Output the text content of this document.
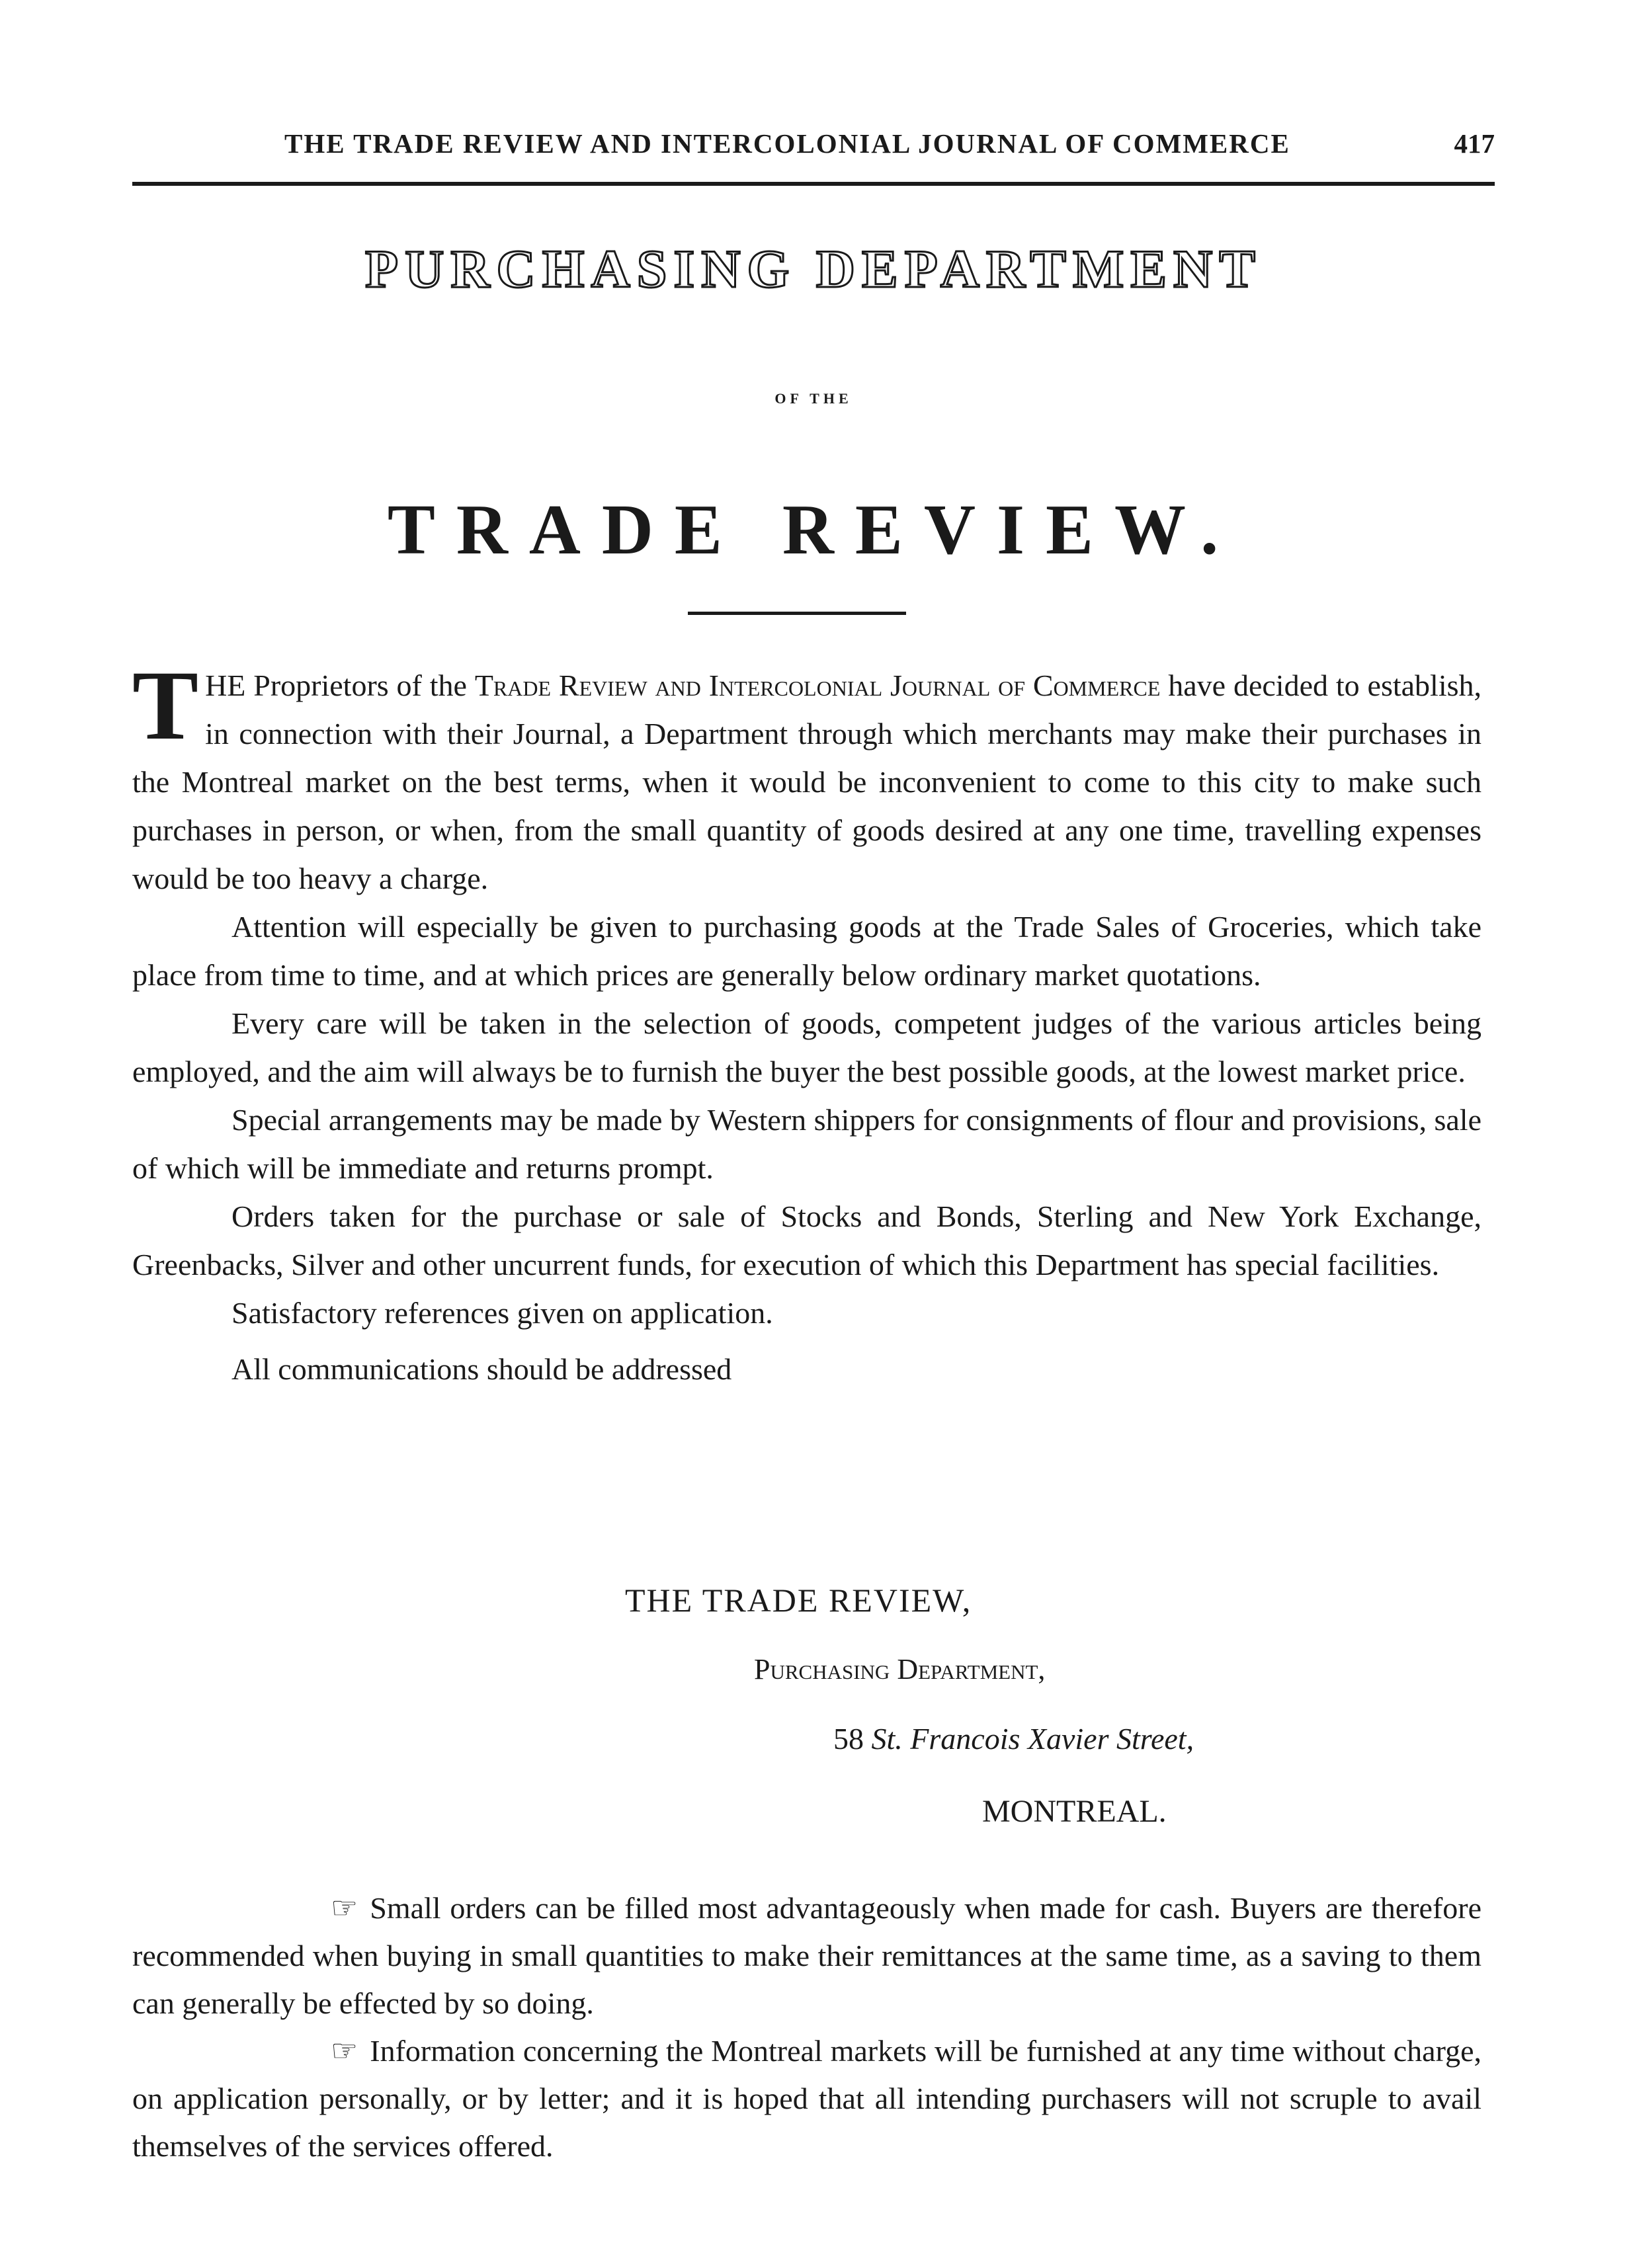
THE TRADE REVIEW AND INTERCOLONIAL JOURNAL OF COMMERCE	417
PURCHASING DEPARTMENT
OF THE
TRADE REVIEW.

THE Proprietors of the Trade Review and Intercolonial Journal of Commerce have decided to establish, in connection with their Journal, a Department through which merchants may make their purchases in the Montreal market on the best terms, when it would be inconvenient to come to this city to make such purchases in person, or when, from the small quantity of goods desired at any one time, travelling expenses would be too heavy a charge.

Attention will especially be given to purchasing goods at the Trade Sales of Groceries, which take place from time to time, and at which prices are generally below ordinary market quotations.

Every care will be taken in the selection of goods, competent judges of the various articles being employed, and the aim will always be to furnish the buyer the best possible goods, at the lowest market price.

Special arrangements may be made by Western shippers for consignments of flour and provisions, sale of which will be immediate and returns prompt.

Orders taken for the purchase or sale of Stocks and Bonds, Sterling and New York Exchange, Greenbacks, Silver and other uncurrent funds, for execution of which this Department has special facilities.

Satisfactory references given on application.

All communications should be addressed

THE TRADE REVIEW,
Purchasing Department,
58 St. Francois Xavier Street,
MONTREAL.

☞ Small orders can be filled most advantageously when made for cash. Buyers are therefore recommended when buying in small quantities to make their remittances at the same time, as a saving to them can generally be effected by so doing.

☞ Information concerning the Montreal markets will be furnished at any time without charge, on application personally, or by letter; and it is hoped that all intending purchasers will not scruple to avail themselves of the services offered.
